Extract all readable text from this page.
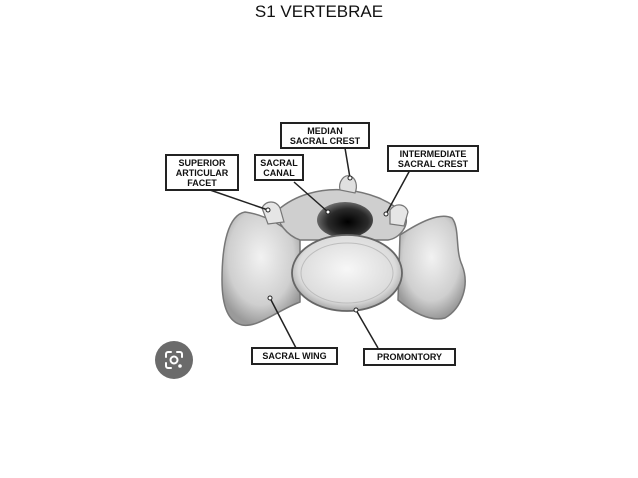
S1 VERTEBRAE
MEDIAN
SACRAL CREST
INTERMEDIATE
SACRAL CREST
SUPERIOR
ARTICULAR
FACET
SACRAL
CANAL
SACRAL WING	PROMONTORY
